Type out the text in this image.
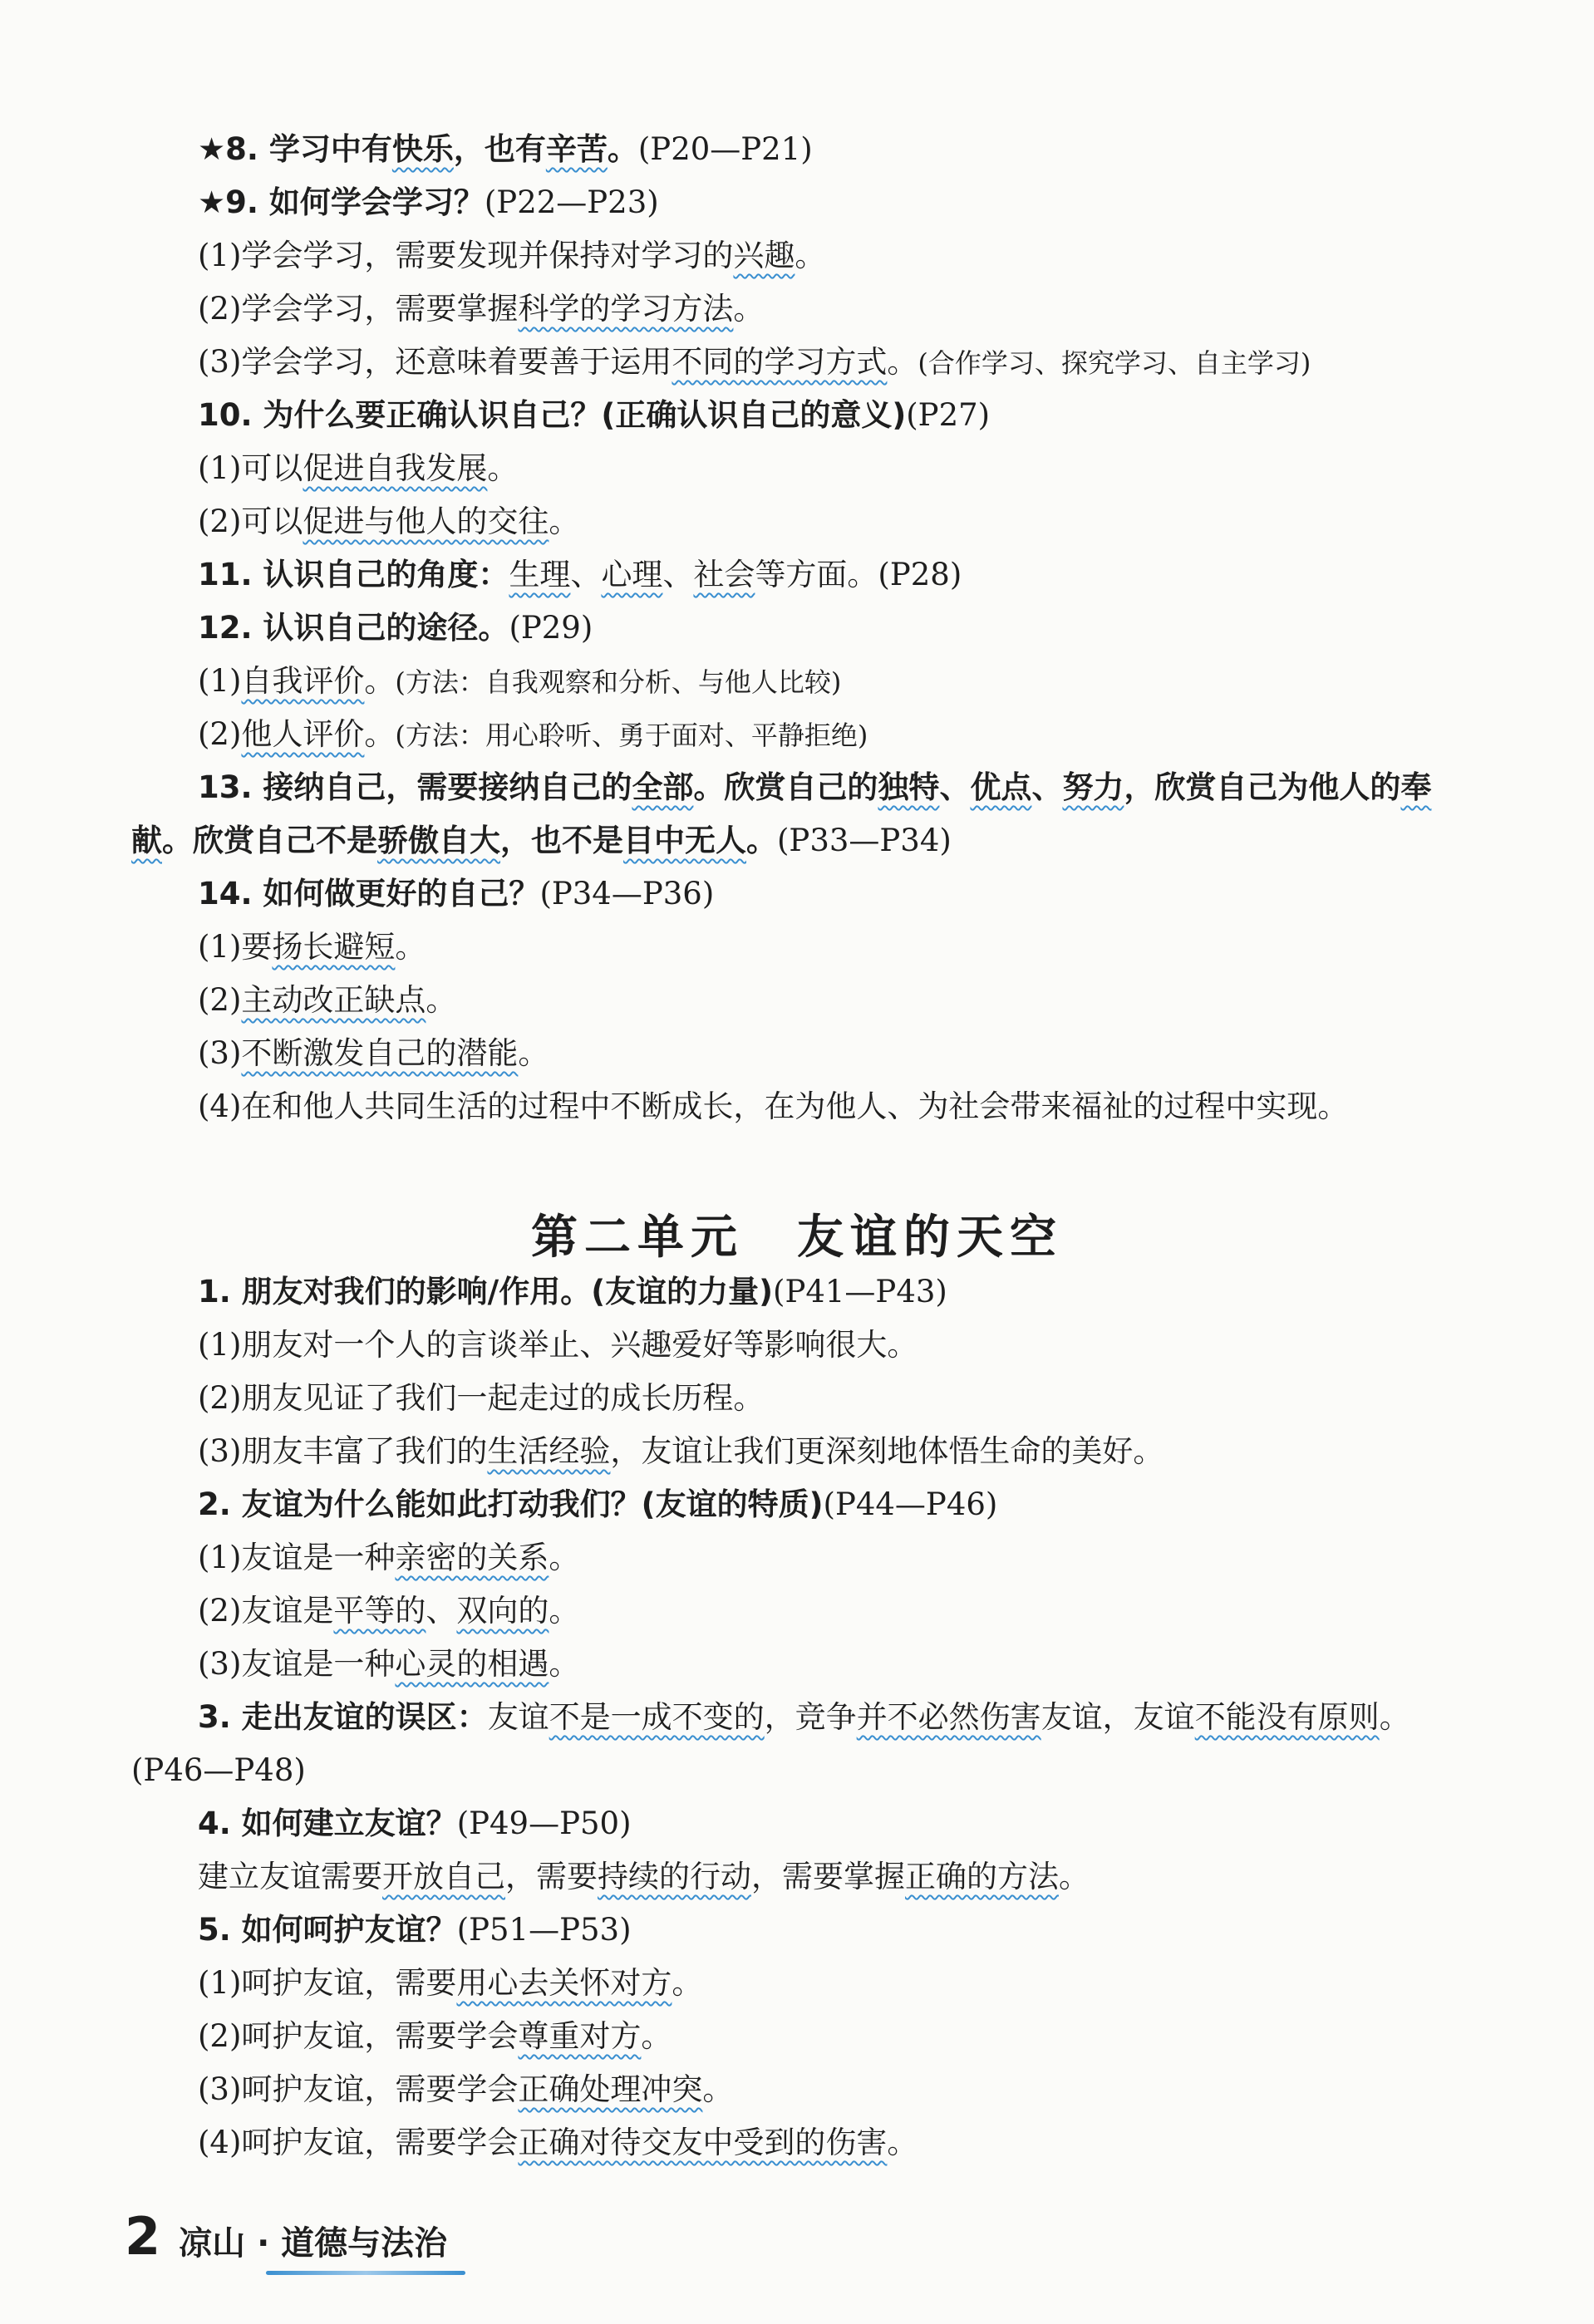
★8. 学习中有快乐，也有辛苦。(P20—P21)
★9. 如何学会学习？(P22—P23)
(1)学会学习，需要发现并保持对学习的兴趣。
(2)学会学习，需要掌握科学的学习方法。
(3)学会学习，还意味着要善于运用不同的学习方式。(合作学习、探究学习、自主学习)
10. 为什么要正确认识自己？(正确认识自己的意义)(P27)
(1)可以促进自我发展。
(2)可以促进与他人的交往。
11. 认识自己的角度：生理、心理、社会等方面。(P28)
12. 认识自己的途径。(P29)
(1)自我评价。(方法：自我观察和分析、与他人比较)
(2)他人评价。(方法：用心聆听、勇于面对、平静拒绝)
13. 接纳自己，需要接纳自己的全部。欣赏自己的独特、优点、努力，欣赏自己为他人的奉
献。欣赏自己不是骄傲自大，也不是目中无人。(P33—P34)
14. 如何做更好的自己？(P34—P36)
(1)要扬长避短。
(2)主动改正缺点。
(3)不断激发自己的潜能。
(4)在和他人共同生活的过程中不断成长，在为他人、为社会带来福祉的过程中实现。
1. 朋友对我们的影响/作用。(友谊的力量)(P41—P43)
(1)朋友对一个人的言谈举止、兴趣爱好等影响很大。
(2)朋友见证了我们一起走过的成长历程。
(3)朋友丰富了我们的生活经验，友谊让我们更深刻地体悟生命的美好。
2. 友谊为什么能如此打动我们？(友谊的特质)(P44—P46)
(1)友谊是一种亲密的关系。
(2)友谊是平等的、双向的。
(3)友谊是一种心灵的相遇。
3. 走出友谊的误区：友谊不是一成不变的，竞争并不必然伤害友谊，友谊不能没有原则。
(P46—P48)
4. 如何建立友谊？(P49—P50)
建立友谊需要开放自己，需要持续的行动，需要掌握正确的方法。
5. 如何呵护友谊？(P51—P53)
(1)呵护友谊，需要用心去关怀对方。
(2)呵护友谊，需要学会尊重对方。
(3)呵护友谊，需要学会正确处理冲突。
(4)呵护友谊，需要学会正确对待交友中受到的伤害。
第二单元　友谊的天空
2 凉山 · 道德与法治
